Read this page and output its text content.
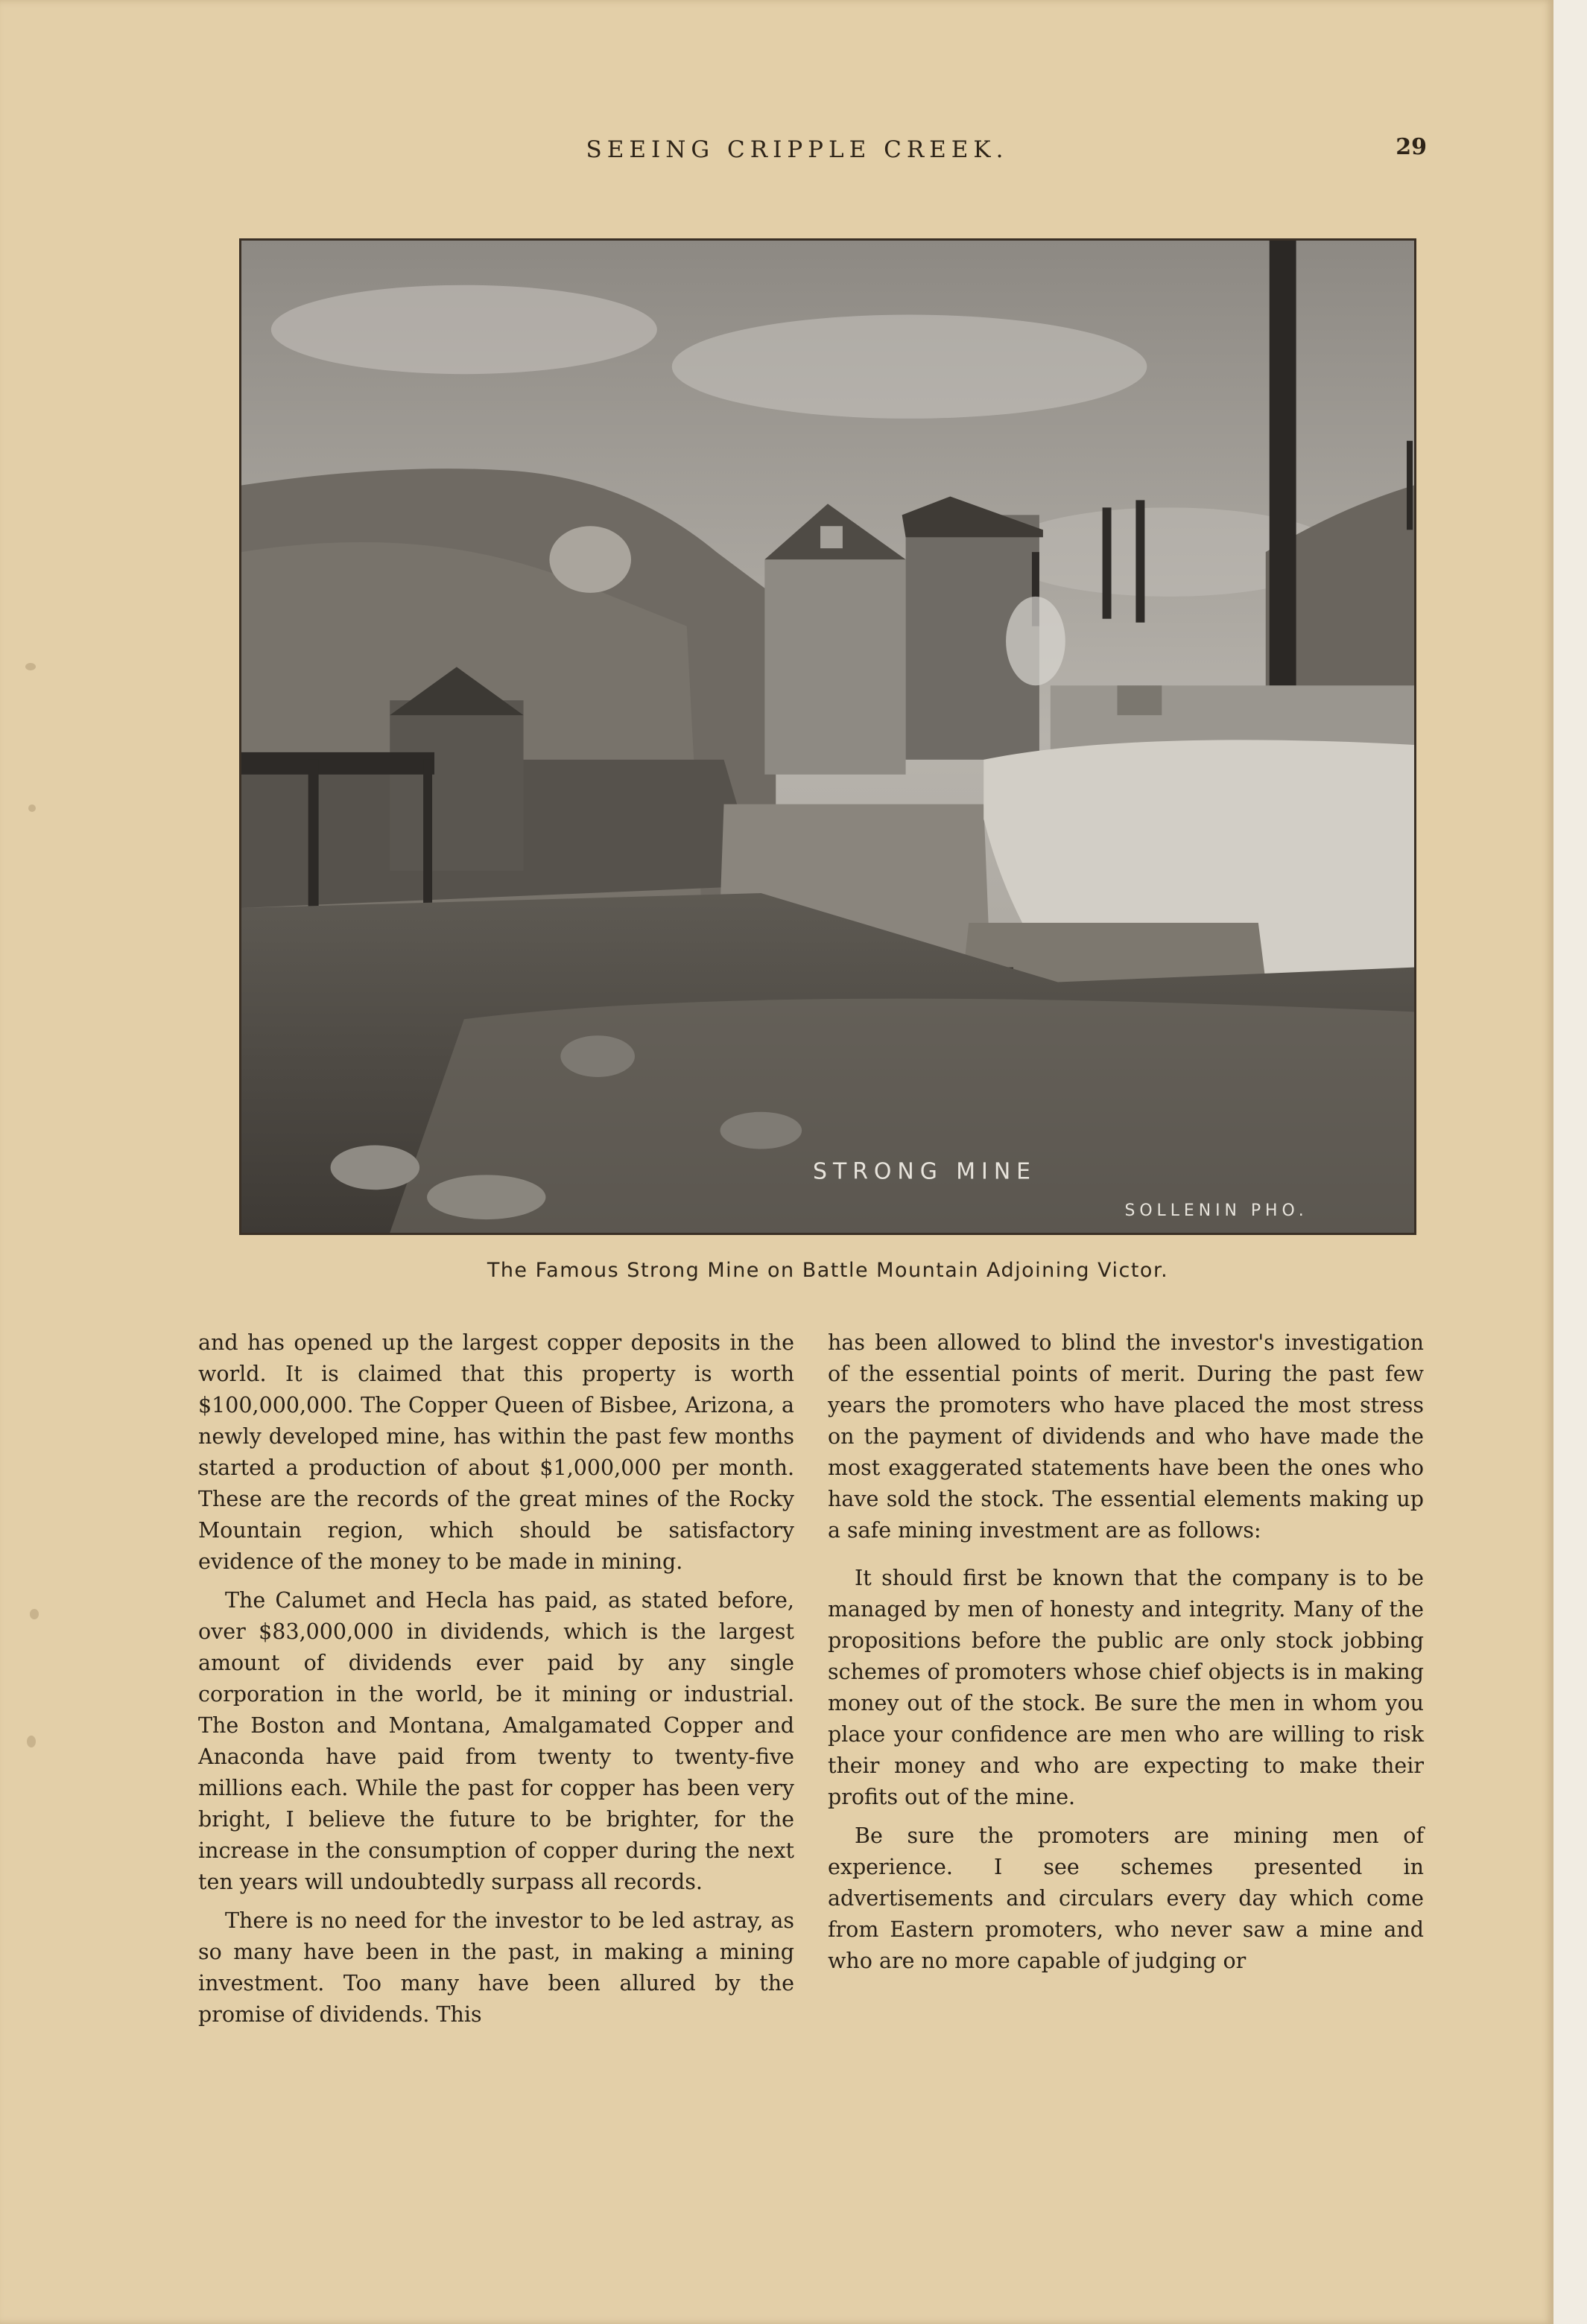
SEEING CRIPPLE CREEK.	29
STRONG MINE
SOLLENIN PHO.
The Famous Strong Mine on Battle Mountain Adjoining Victor.

and has opened up the largest copper deposits in the world. It is claimed that this property is worth $100,000,000. The Copper Queen of Bisbee, Arizona, a newly developed mine, has within the past few months started a production of about $1,000,000 per month. These are the records of the great mines of the Rocky Mountain region, which should be satisfactory evidence of the money to be made in mining.

The Calumet and Hecla has paid, as stated before, over $83,000,000 in dividends, which is the largest amount of dividends ever paid by any single corporation in the world, be it mining or industrial. The Boston and Montana, Amalgamated Copper and Anaconda have paid from twenty to twenty-five millions each. While the past for copper has been very bright, I believe the future to be brighter, for the increase in the consumption of copper during the next ten years will undoubtedly surpass all records.

There is no need for the investor to be led astray, as so many have been in the past, in making a mining investment. Too many have been allured by the promise of dividends. This

has been allowed to blind the investor's investigation of the essential points of merit. During the past few years the promoters who have placed the most stress on the payment of dividends and who have made the most exaggerated statements have been the ones who have sold the stock. The essential elements making up a safe mining investment are as follows:

It should first be known that the company is to be managed by men of honesty and integrity. Many of the propositions before the public are only stock jobbing schemes of promoters whose chief objects is in making money out of the stock. Be sure the men in whom you place your confidence are men who are willing to risk their money and who are expecting to make their profits out of the mine.

Be sure the promoters are mining men of experience. I see schemes presented in advertisements and circulars every day which come from Eastern promoters, who never saw a mine and who are no more capable of judging or
